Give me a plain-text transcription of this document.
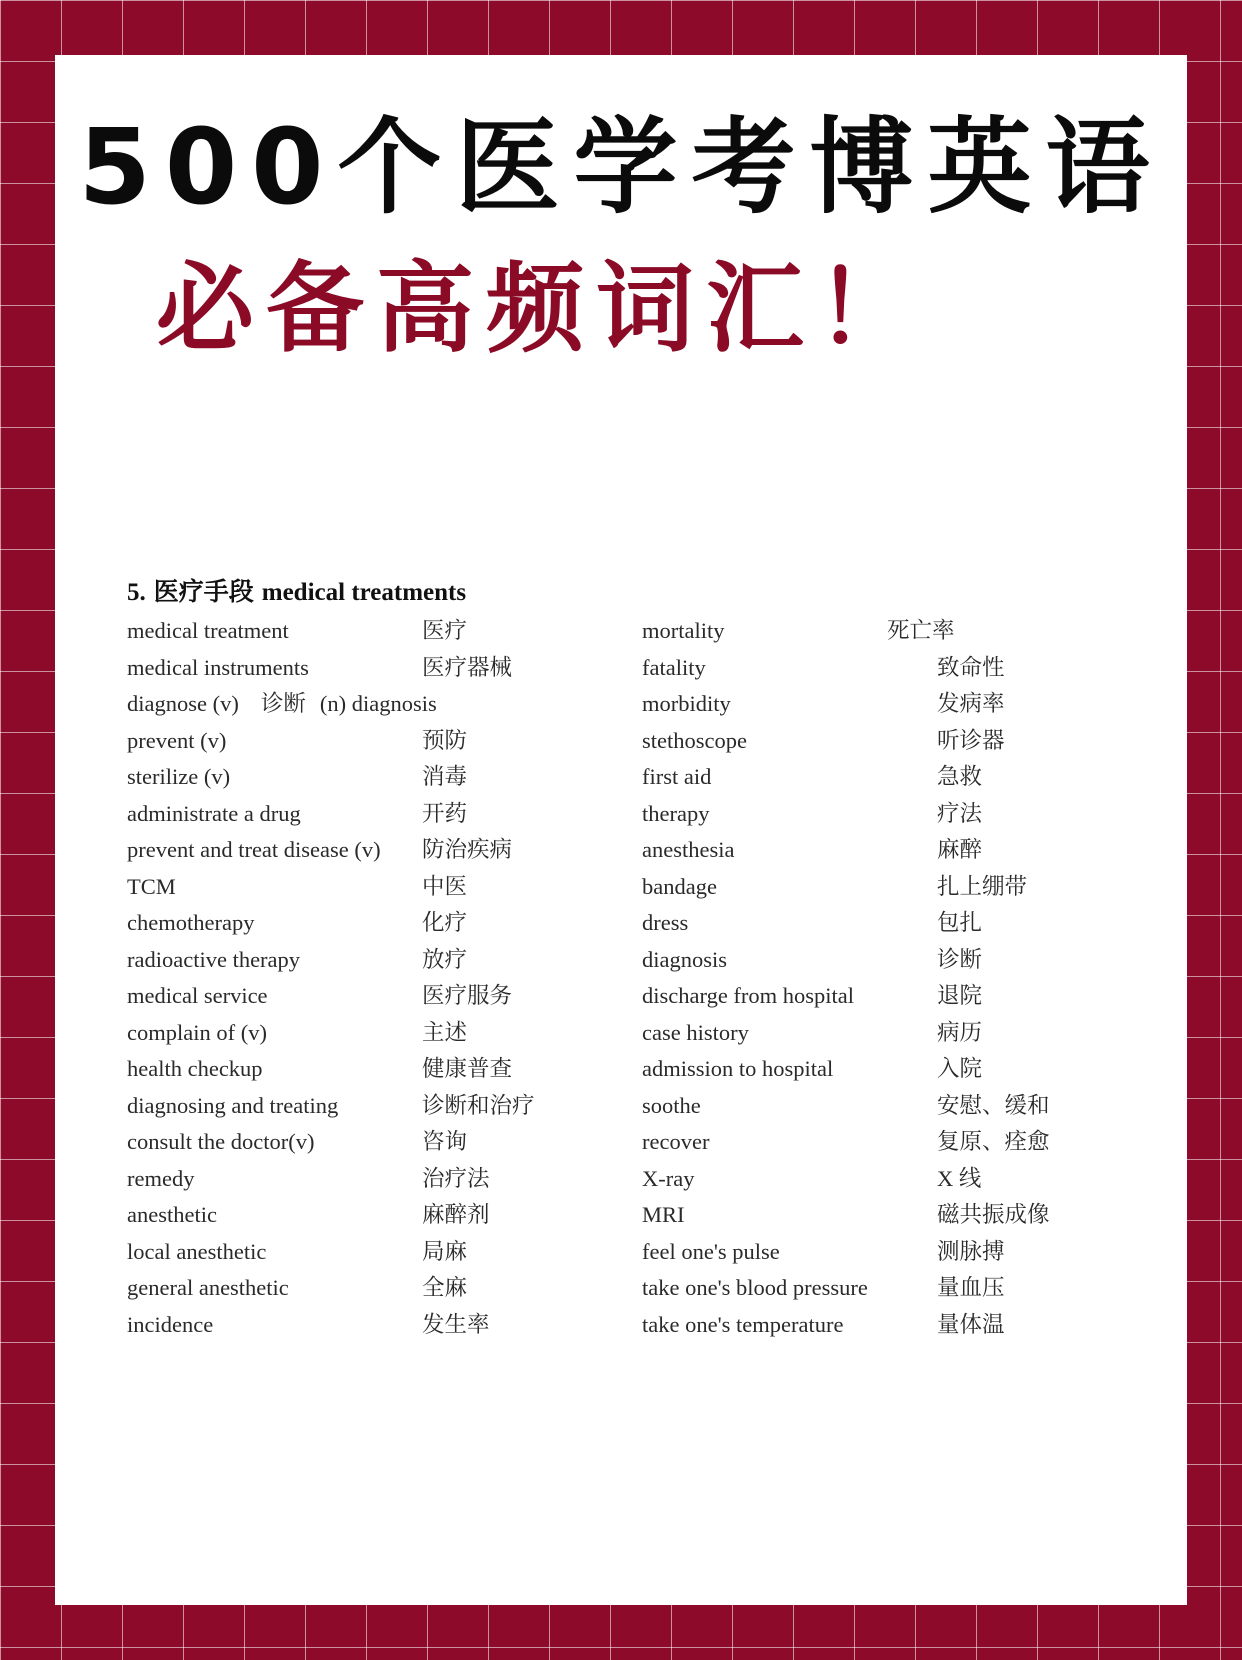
500个医学考博英语
必备高频词汇！
5. 医疗手段 medical treatments
medical treatment	医疗
medical instruments	医疗器械
diagnose (v) 诊断 (n) diagnosis
prevent (v)	预防
sterilize (v)	消毒
administrate a drug	开药
prevent and treat disease (v) 防治疾病
TCM	中医
chemotherapy	化疗
radioactive therapy	放疗
medical service	医疗服务
complain of (v)	主述
health checkup	健康普查
diagnosing and treating	诊断和治疗
consult the doctor(v)	咨询
remedy	治疗法
anesthetic	麻醉剂
local anesthetic	局麻
general anesthetic	全麻
incidence	发生率
mortality	死亡率
fatality	致命性
morbidity	发病率
stethoscope	听诊器
first aid	急救
therapy	疗法
anesthesia	麻醉
bandage	扎上绷带
dress	包扎
diagnosis	诊断
discharge from hospital	退院
case history	病历
admission to hospital	入院
soothe	安慰、缓和
recover	复原、痊愈
X-ray	X 线
MRI	磁共振成像
feel one's pulse	测脉搏
take one's blood pressure	量血压
take one's temperature	量体温
